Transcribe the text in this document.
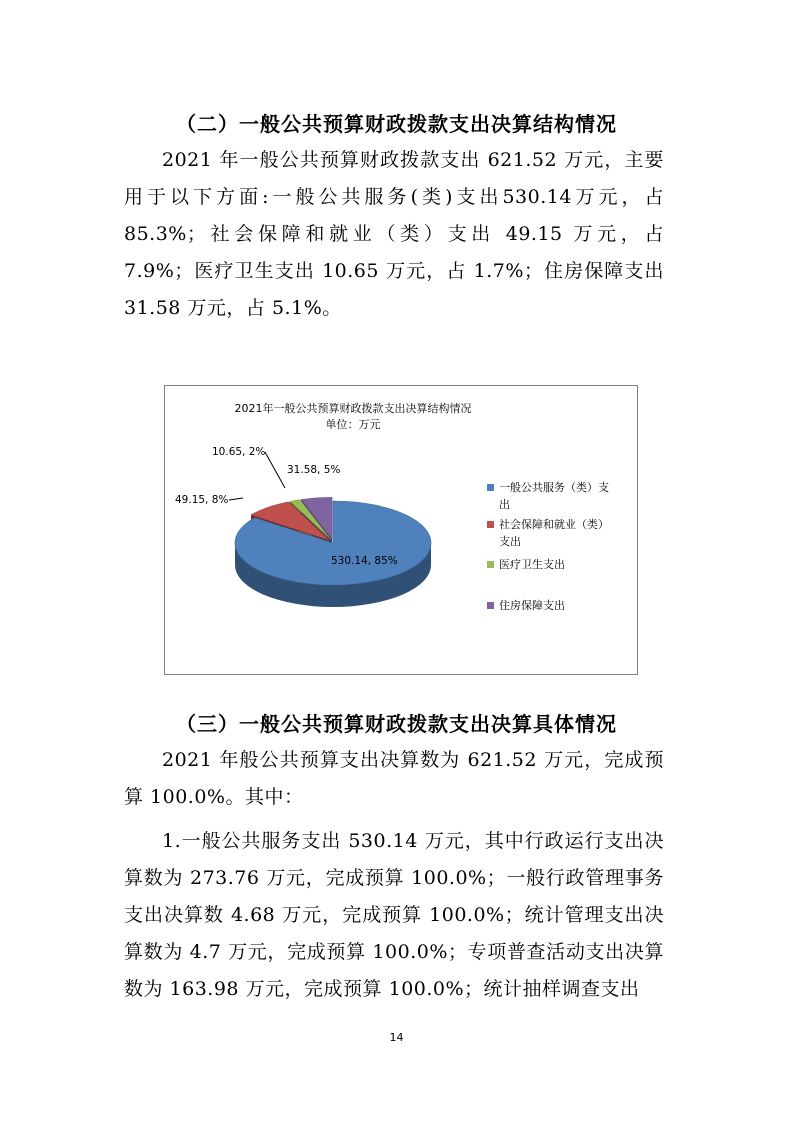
（二）一般公共预算财政拨款支出决算结构情况

2021 年一般公共预算财政拨款支出 621.52 万元，主要用于以下方面:一般公共服务(类)支出530.14万元，占85.3%；社会保障和就业（类）支出 49.15 万元，占 7.9%；医疗卫生支出 10.65 万元，占 1.7%；住房保障支出 31.58 万元，占 5.1%。

2021年一般公共预算财政拨款支出决算结构情况
单位：万元
530.14, 85%
49.15, 8%
10.65, 2%
31.58, 5%
一般公共服务（类）支
出
社会保障和就业（类）
支出
医疗卫生支出
住房保障支出
（三）一般公共预算财政拨款支出决算具体情况

2021 年般公共预算支出决算数为 621.52 万元，完成预算 100.0%。其中：

1.一般公共服务支出 530.14 万元，其中行政运行支出决算数为 273.76 万元，完成预算 100.0%；一般行政管理事务支出决算数 4.68 万元，完成预算 100.0%；统计管理支出决算数为 4.7 万元，完成预算 100.0%；专项普查活动支出决算数为 163.98 万元，完成预算 100.0%；统计抽样调查支出

14
